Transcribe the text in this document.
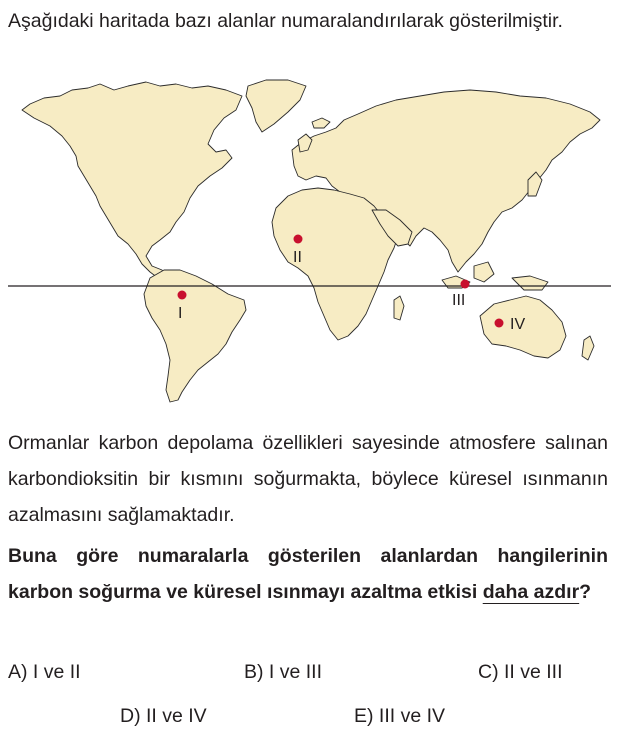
Aşağıdaki haritada bazı alanlar numaralandırılarak gösterilmiştir.

I
II
III
IV

Ormanlar karbon depolama özellikleri sayesinde atmosfere salınan karbondioksitin bir kısmını soğurmakta, böylece küresel ısınmanın azalmasını sağlamaktadır.

Buna göre numaralarla gösterilen alanlardan hangilerinin karbon soğurma ve küresel ısınmayı azaltma etkisi daha azdır?

A) I ve II	B) I ve III	C) II ve III
D) II ve IV	E) III ve IV
